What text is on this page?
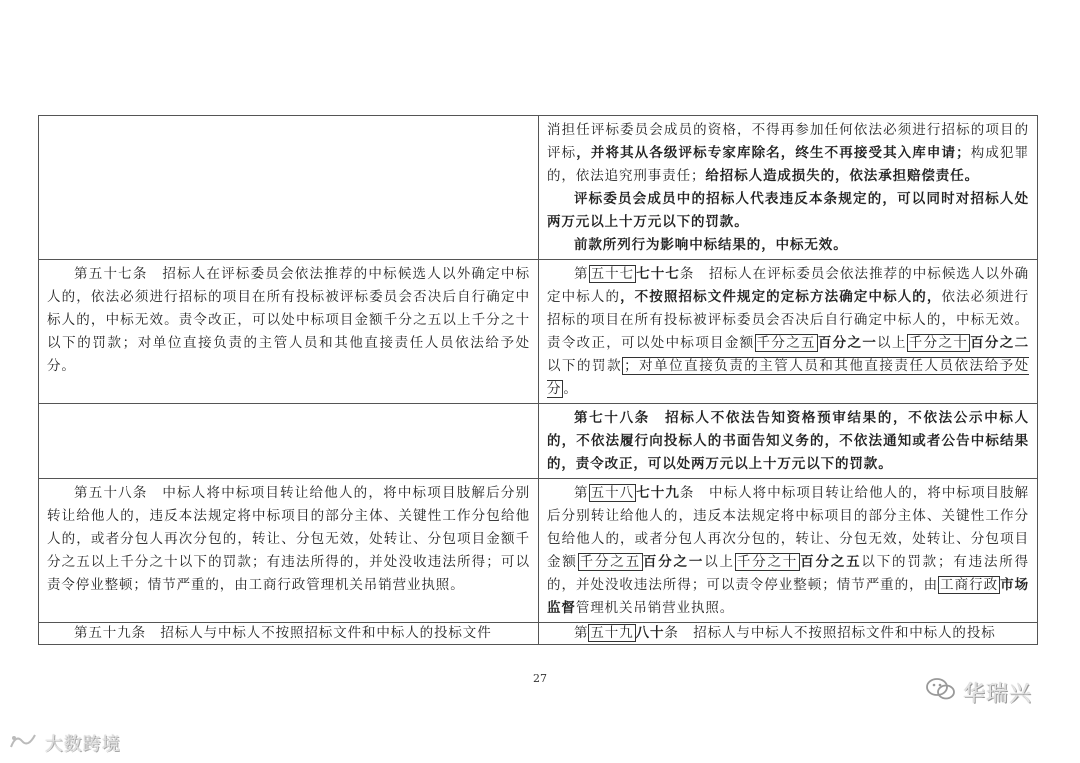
	消担任评标委员会成员的资格，不得再参加任何依法必须进行招标的项目的评标，并将其从各级评标专家库除名，终生不再接受其入库申请；构成犯罪的，依法追究刑事责任；给招标人造成损失的，依法承担赔偿责任。
评标委员会成员中的招标人代表违反本条规定的，可以同时对招标人处两万元以上十万元以下的罚款。
前款所列行为影响中标结果的，中标无效。

第五十七条　招标人在评标委员会依法推荐的中标候选人以外确定中标人的，依法必须进行招标的项目在所有投标被评标委员会否决后自行确定中标人的，中标无效。责令改正，可以处中标项目金额千分之五以上千分之十以下的罚款；对单位直接负责的主管人员和其他直接责任人员依法给予处分。	第 五十七 七十七条　招标人在评标委员会依法推荐的中标候选人以外确定中标人的，不按照招标文件规定的定标方法确定中标人的，依法必须进行招标的项目在所有投标被评标委员会否决后自行确定中标人的，中标无效。责令改正，可以处中标项目金额 千分之五 百分之一以上 千分之十 百分之二以下的罚款 ；对单位直接负责的主管人员和其他直接责任人员依法给予处分 。

	第七十八条　招标人不依法告知资格预审结果的，不依法公示中标人的，不依法履行向投标人的书面告知义务的，不依法通知或者公告中标结果的，责令改正，可以处两万元以上十万元以下的罚款。

第五十八条　中标人将中标项目转让给他人的，将中标项目肢解后分别转让给他人的，违反本法规定将中标项目的部分主体、关键性工作分包给他人的，或者分包人再次分包的，转让、分包无效，处转让、分包项目金额千分之五以上千分之十以下的罚款；有违法所得的，并处没收违法所得；可以责令停业整顿；情节严重的，由工商行政管理机关吊销营业执照。	第 五十八 七十九条　中标人将中标项目转让给他人的，将中标项目肢解后分别转让给他人的，违反本法规定将中标项目的部分主体、关键性工作分包给他人的，或者分包人再次分包的，转让、分包无效，处转让、分包项目金额 千分之五 百分之一以上 千分之十 百分之五以下的罚款；有违法所得的，并处没收违法所得；可以责令停业整顿；情节严重的，由 工商行政 市场监督管理机关吊销营业执照。

第五十九条　招标人与中标人不按照招标文件和中标人的投标文件	第 五十九 八十条　招标人与中标人不按照招标文件和中标人的投标
27
大数跨境
华瑞兴
